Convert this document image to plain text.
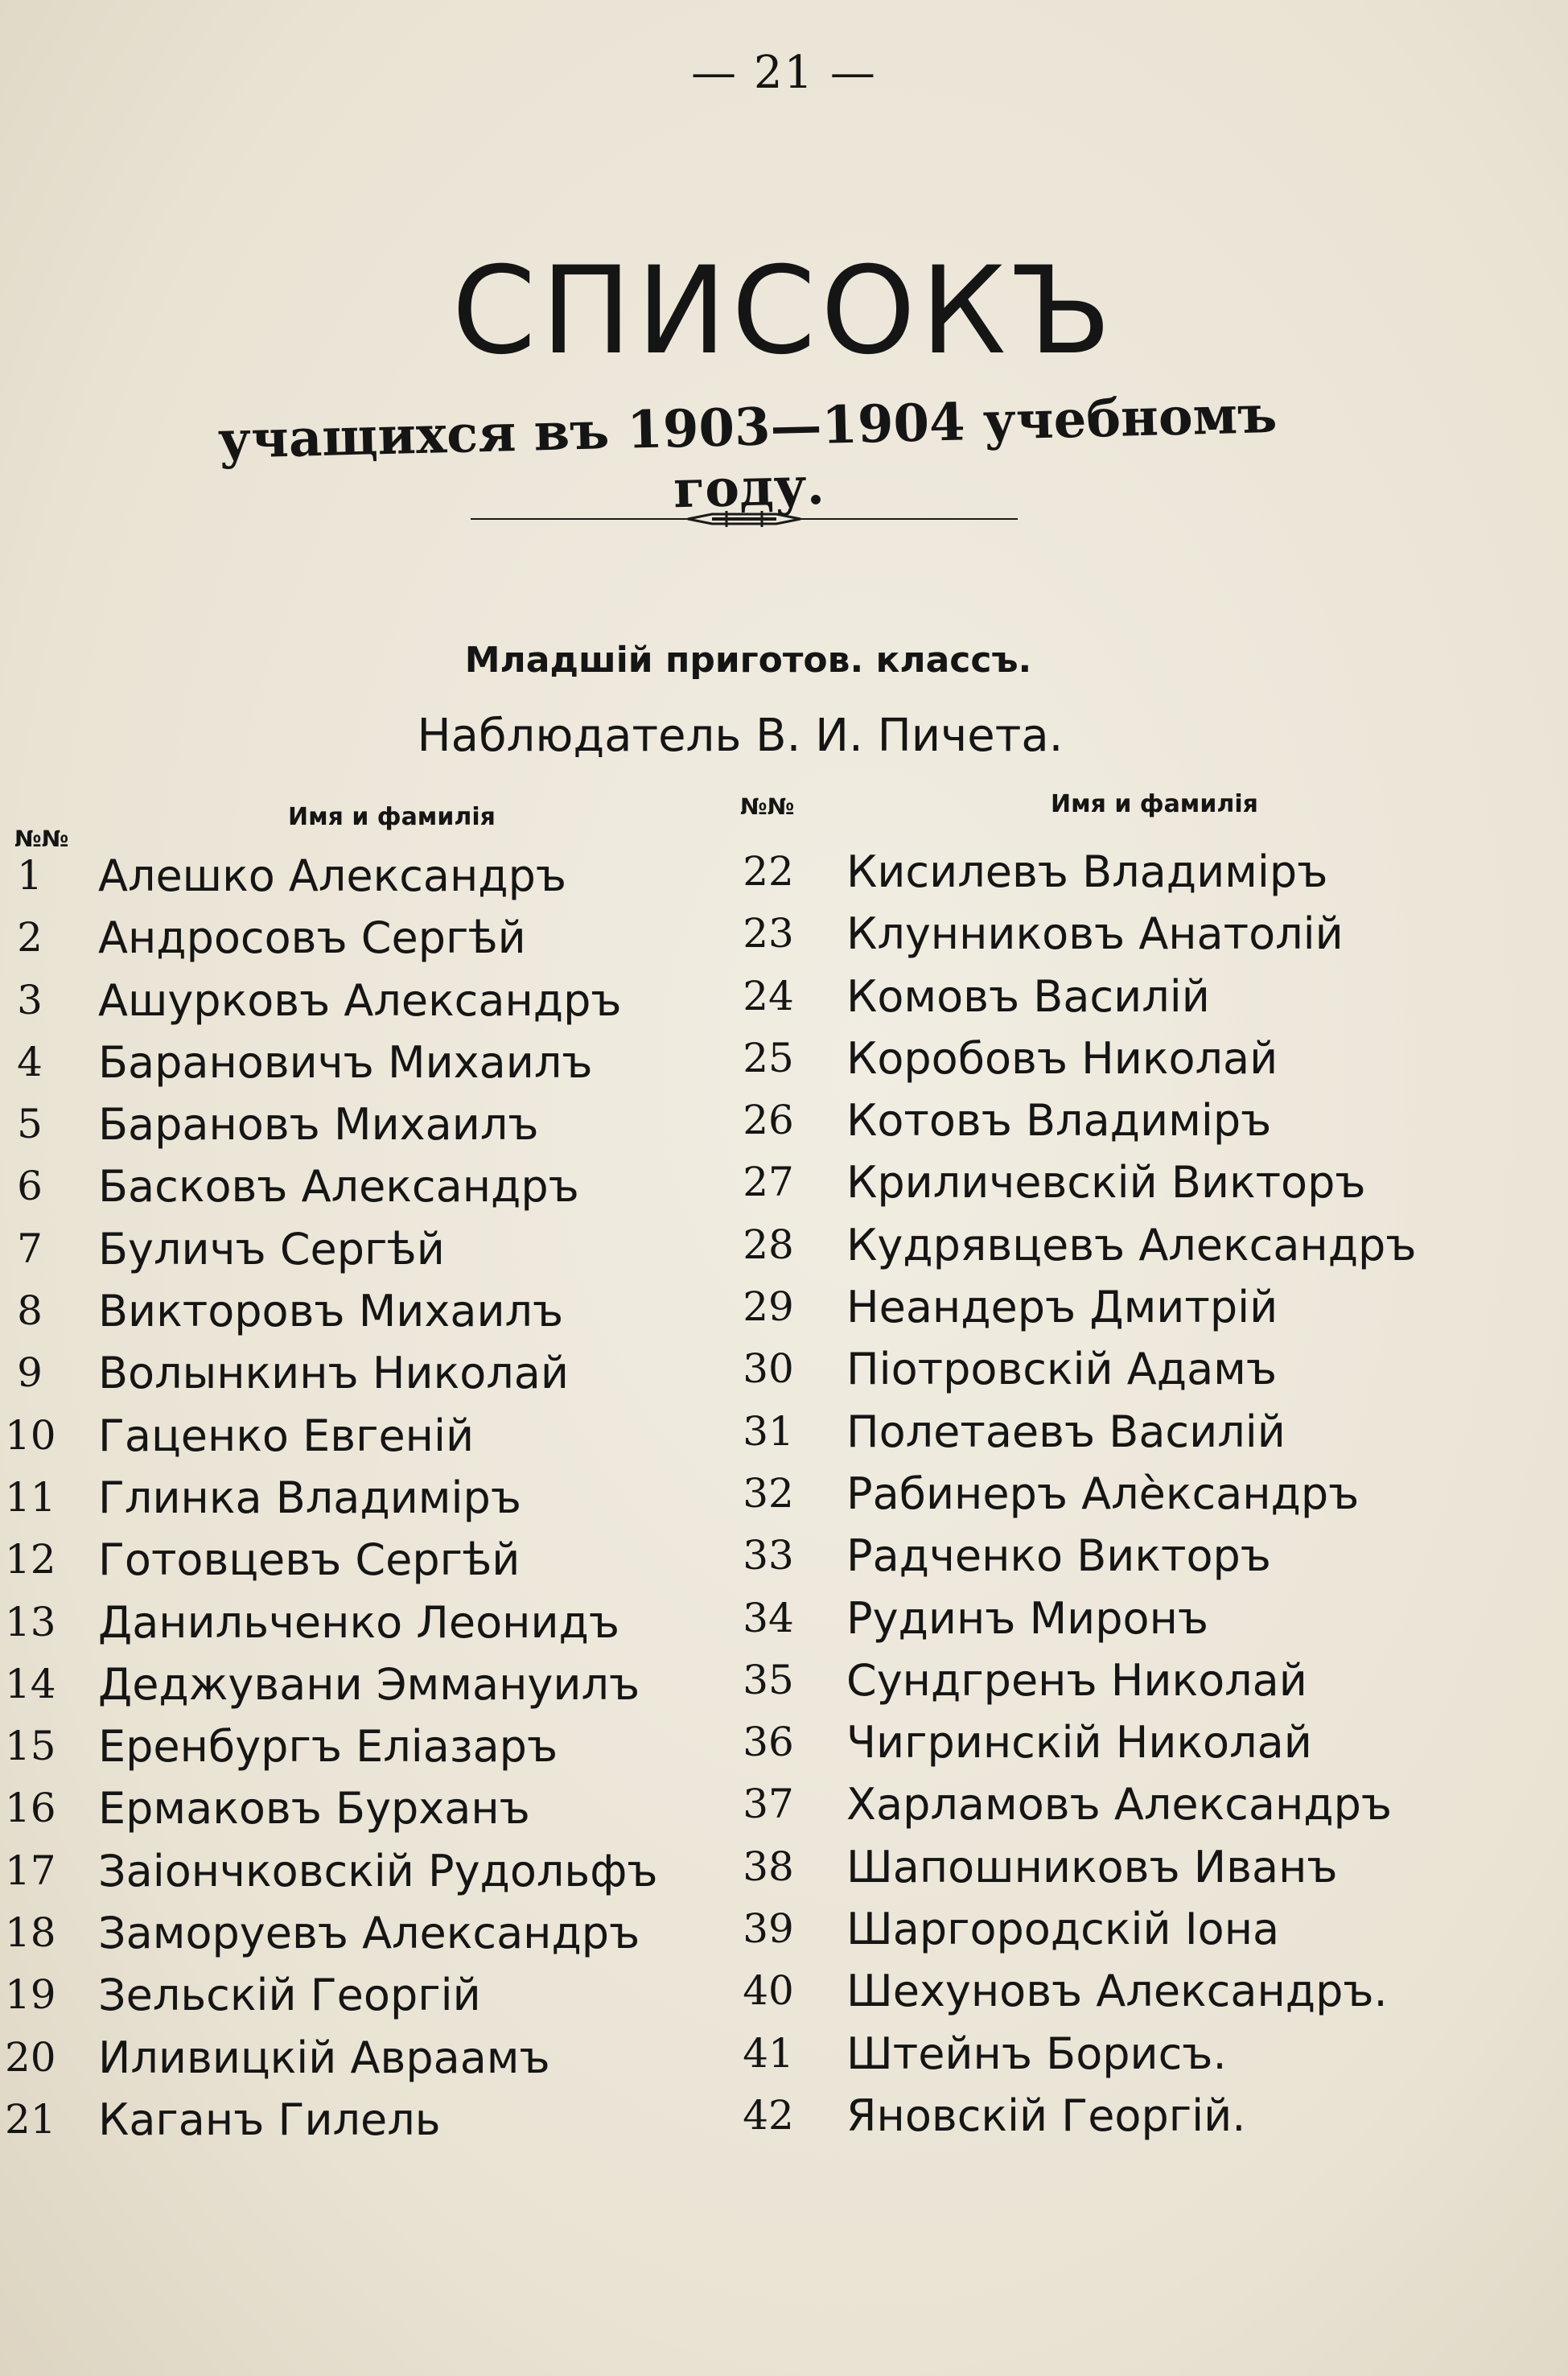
— 21 —
СПИСОКЪ
учащихся въ 1903—1904 учебномъ году.
Младшій приготов. классъ.
Наблюдатель В. И. Пичета.
№№
Имя и фамилія	№№	Имя и фамилія
1 Алешко Александръ
2 Андросовъ Сергѣй
3 Ашурковъ Александръ
4 Барановичъ Михаилъ
5 Барановъ Михаилъ
6 Басковъ Александръ
7 Буличъ Сергѣй
8 Викторовъ Михаилъ
9 Волынкинъ Николай
10 Гаценко Евгеній
11 Глинка Владиміръ
12 Готовцевъ Сергѣй
13 Данильченко Леонидъ
14 Деджувани Эммануилъ
15 Еренбургъ Еліазаръ
16 Ермаковъ Бурханъ
17 Заіончковскій Рудольфъ
18 Заморуевъ Александръ
19 Зельскій Георгій
20 Иливицкій Авраамъ
21 Каганъ Гилель
22	Кисилевъ Владиміръ
23	Клунниковъ Анатолій
24	Комовъ Василій
25	Коробовъ Николай
26	Котовъ Владиміръ
27	Криличевскій Викторъ
28	Кудрявцевъ Александръ
29	Неандеръ Дмитрій
30	Піотровскій Адамъ
31	Полетаевъ Василій
32	Рабинеръ Алѐксандръ
33	Радченко Викторъ
34	Рудинъ Миронъ
35	Сундгренъ Николай
36	Чигринскій Николай
37	Харламовъ Александръ
38	Шапошниковъ Иванъ
39	Шаргородскій Іона
40	Шехуновъ Александръ.
41	Штейнъ Борисъ.
42	Яновскій Георгій.
